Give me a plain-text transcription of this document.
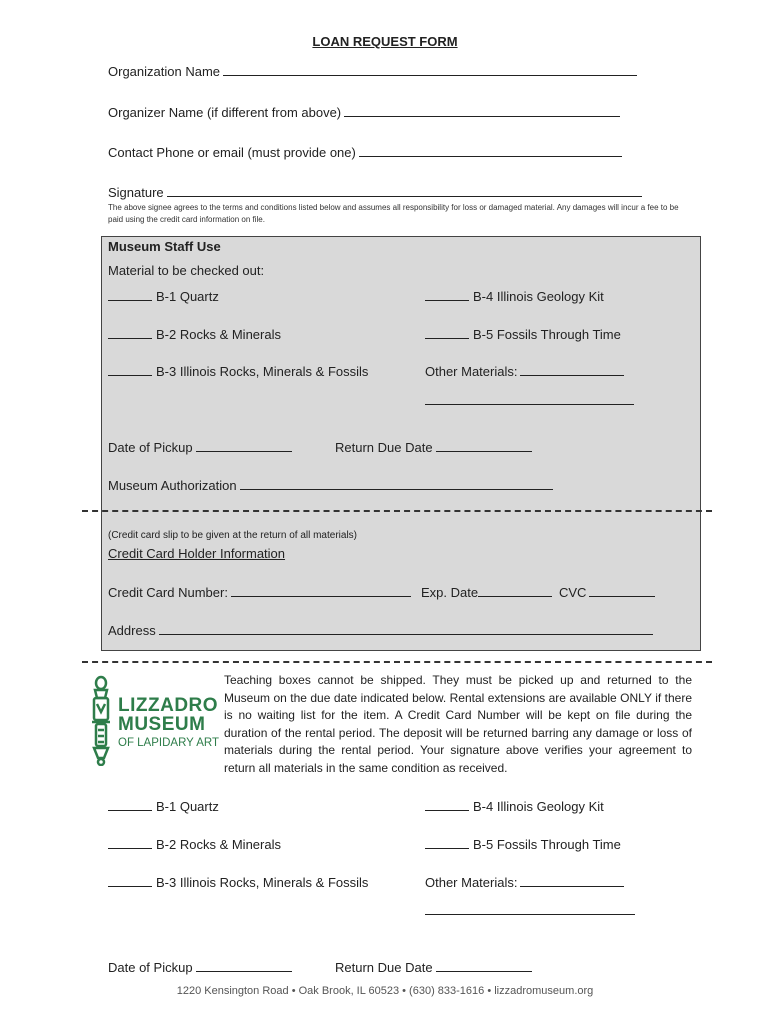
LOAN REQUEST FORM
Organization Name
Organizer Name (if different from above)
Contact Phone or email (must provide one)
Signature
The above signee agrees to the terms and conditions listed below and assumes all responsibility for loss or damaged material. Any damages will incur a fee to be paid using the credit card information on file.
Museum Staff Use
Material to be checked out:
B-1 Quartz
B-2 Rocks & Minerals
B-3 Illinois Rocks, Minerals & Fossils
B-4 Illinois Geology Kit
B-5 Fossils Through Time
Other Materials:
Date of Pickup	Return Due Date
Museum Authorization
(Credit card slip to be given at the return of all materials)
Credit Card Holder Information
Credit Card Number:	Exp. Date	CVC
Address
LIZZADRO
MUSEUM
OF LAPIDARY ART
Teaching boxes cannot be shipped. They must be picked up and returned to the Museum on the due date indicated below. Rental extensions are available ONLY if there is no waiting list for the item. A Credit Card Number will be kept on file during the duration of the rental period. The deposit will be returned barring any damage or loss of materials during the rental period. Your signature above verifies your agreement to return all materials in the same condition as received.
B-1 Quartz
B-2 Rocks & Minerals
B-3 Illinois Rocks, Minerals & Fossils
B-4 Illinois Geology Kit
B-5 Fossils Through Time
Other Materials:
Date of Pickup	Return Due Date
1220 Kensington Road • Oak Brook, IL 60523 • (630) 833-1616 • lizzadromuseum.org
